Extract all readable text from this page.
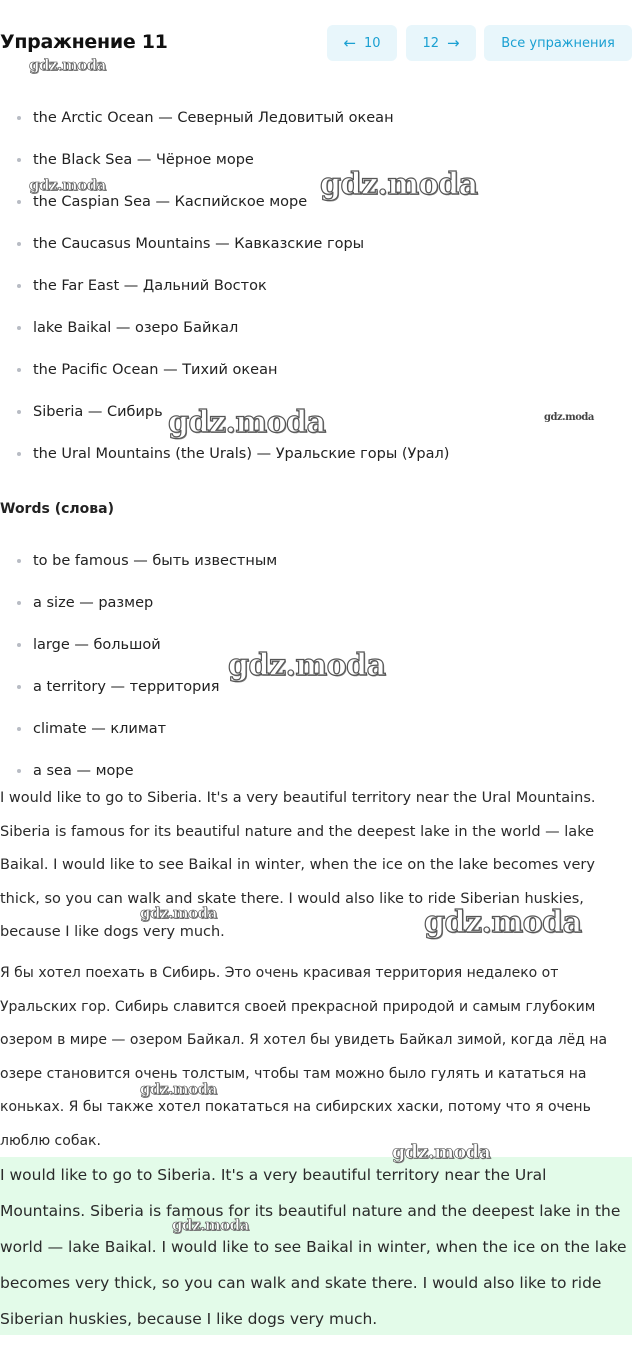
Упражнение 11	← 10	12 →	Все упражнения
the Arctic Ocean — Северный Ледовитый океан
the Black Sea — Чёрное море
the Caspian Sea — Каспийское море
the Caucasus Mountains — Кавказские горы
the Far East — Дальний Восток
lake Baikal — озеро Байкал
the Pacific Ocean — Тихий океан
Siberia — Сибирь
the Ural Mountains (the Urals) — Уральские горы (Урал)
Words (слова)
to be famous — быть известным
a size — размер
large — большой
a territory — территория
climate — климат
a sea — море

I would like to go to Siberia. It's a very beautiful territory near the Ural Mountains. Siberia is famous for its beautiful nature and the deepest lake in the world — lake Baikal. I would like to see Baikal in winter, when the ice on the lake becomes very thick, so you can walk and skate there. I would also like to ride Siberian huskies, because I like dogs very much.

Я бы хотел поехать в Сибирь. Это очень красивая территория недалеко от Уральских гор. Сибирь славится своей прекрасной природой и самым глубоким озером в мире — озером Байкал. Я хотел бы увидеть Байкал зимой, когда лёд на озере становится очень толстым, чтобы там можно было гулять и кататься на коньках. Я бы также хотел покататься на сибирских хаски, потому что я очень люблю собак.

I would like to go to Siberia. It's a very beautiful territory near the Ural Mountains. Siberia is famous for its beautiful nature and the deepest lake in the world — lake Baikal. I would like to see Baikal in winter, when the ice on the lake becomes very thick, so you can walk and skate there. I would also like to ride Siberian huskies, because I like dogs very much.

gdz.moda
gdz.moda	gdz.moda
gdz.moda	gdz.moda
gdz.moda
gdz.moda	gdz.moda
gdz.moda
gdz.moda
gdz.moda
